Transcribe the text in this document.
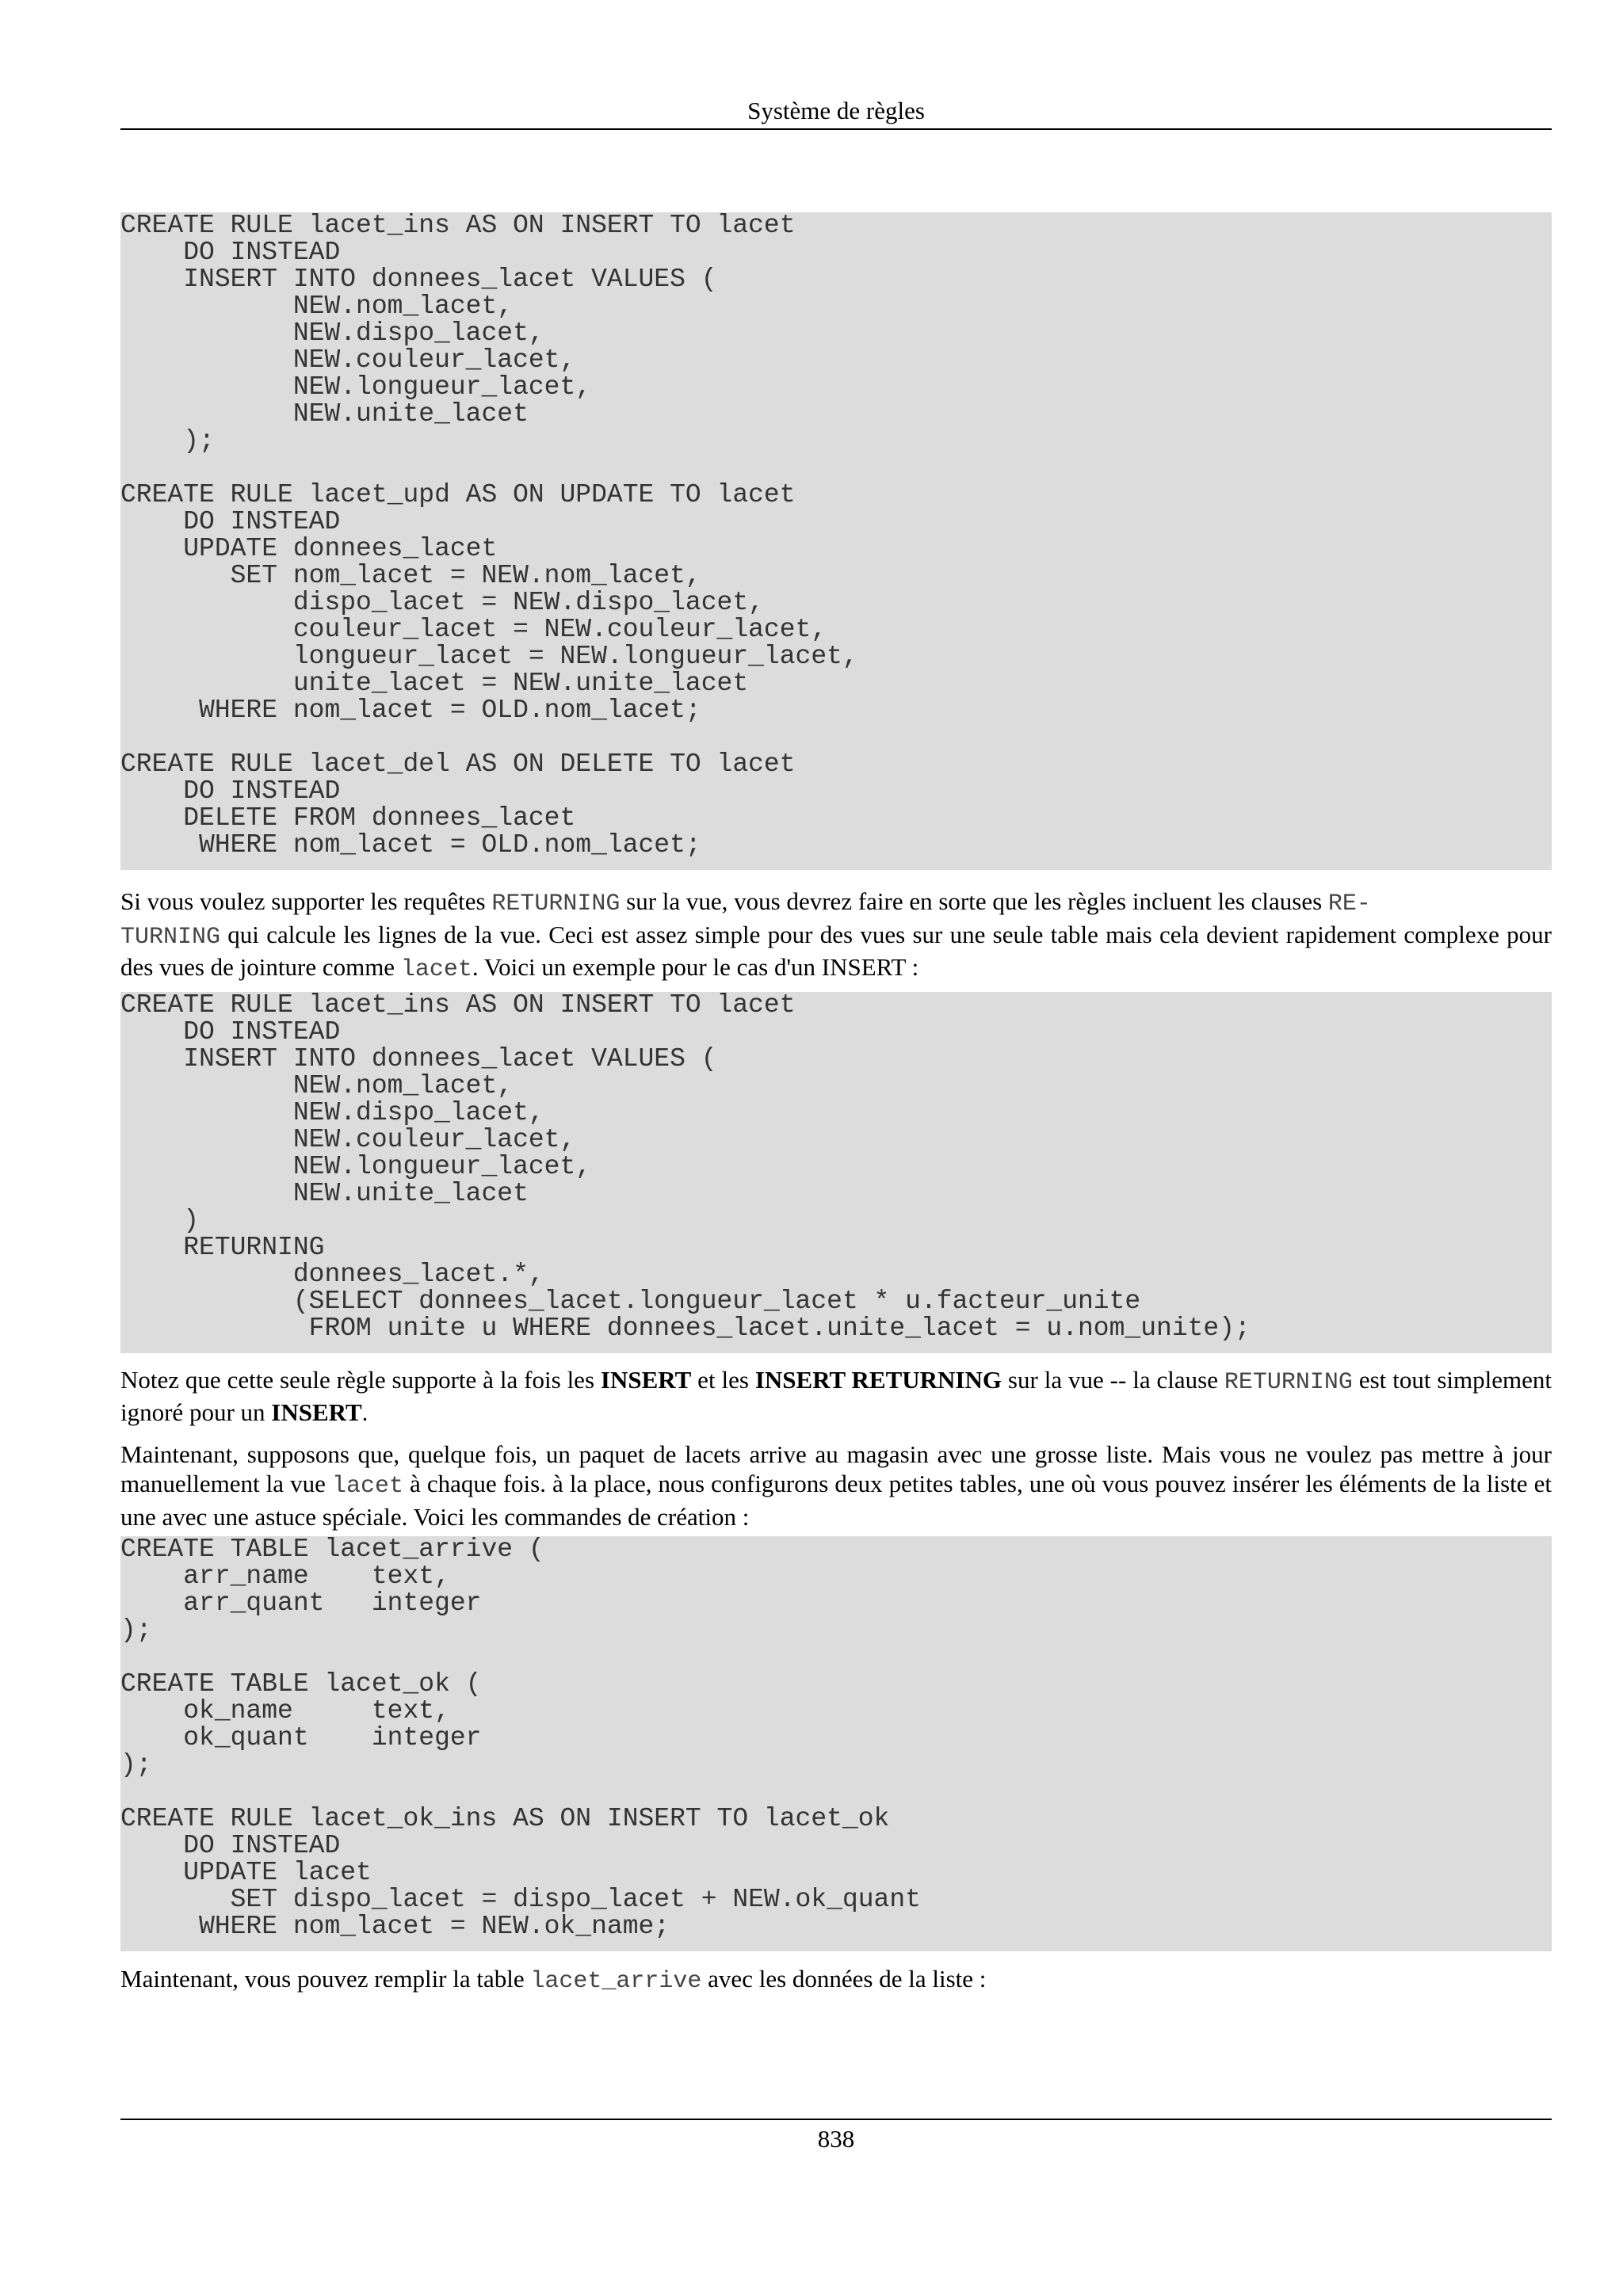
Système de règles
CREATE RULE lacet_ins AS ON INSERT TO lacet
DO INSTEAD
INSERT INTO donnees_lacet VALUES (
NEW.nom_lacet,
NEW.dispo_lacet,
NEW.couleur_lacet,
NEW.longueur_lacet,
NEW.unite_lacet
);

CREATE RULE lacet_upd AS ON UPDATE TO lacet
DO INSTEAD
UPDATE donnees_lacet
SET nom_lacet = NEW.nom_lacet,
dispo_lacet = NEW.dispo_lacet,
couleur_lacet = NEW.couleur_lacet,
longueur_lacet = NEW.longueur_lacet,
unite_lacet = NEW.unite_lacet
WHERE nom_lacet = OLD.nom_lacet;

CREATE RULE lacet_del AS ON DELETE TO lacet
DO INSTEAD
DELETE FROM donnees_lacet
WHERE nom_lacet = OLD.nom_lacet;

Si vous voulez supporter les requêtes RETURNING sur la vue, vous devrez faire en sorte que les règles incluent les clauses RE-
TURNING qui calcule les lignes de la vue. Ceci est assez simple pour des vues sur une seule table mais cela devient rapidement complexe pour des vues de jointure comme lacet. Voici un exemple pour le cas d'un INSERT :

CREATE RULE lacet_ins AS ON INSERT TO lacet
DO INSTEAD
INSERT INTO donnees_lacet VALUES (
NEW.nom_lacet,
NEW.dispo_lacet,
NEW.couleur_lacet,
NEW.longueur_lacet,
NEW.unite_lacet
)
RETURNING
donnees_lacet.*,
(SELECT donnees_lacet.longueur_lacet * u.facteur_unite
FROM unite u WHERE donnees_lacet.unite_lacet = u.nom_unite);

Notez que cette seule règle supporte à la fois les INSERT et les INSERT RETURNING sur la vue -- la clause RETURNING est tout simplement ignoré pour un INSERT.

Maintenant, supposons que, quelque fois, un paquet de lacets arrive au magasin avec une grosse liste. Mais vous ne voulez pas mettre à jour manuellement la vue lacet à chaque fois. à la place, nous configurons deux petites tables, une où vous pouvez insérer les éléments de la liste et une avec une astuce spéciale. Voici les commandes de création :

CREATE TABLE lacet_arrive (
arr_name    text,
arr_quant   integer
);

CREATE TABLE lacet_ok (
ok_name     text,
ok_quant    integer
);

CREATE RULE lacet_ok_ins AS ON INSERT TO lacet_ok
DO INSTEAD
UPDATE lacet
SET dispo_lacet = dispo_lacet + NEW.ok_quant
WHERE nom_lacet = NEW.ok_name;

Maintenant, vous pouvez remplir la table lacet_arrive avec les données de la liste :

838
